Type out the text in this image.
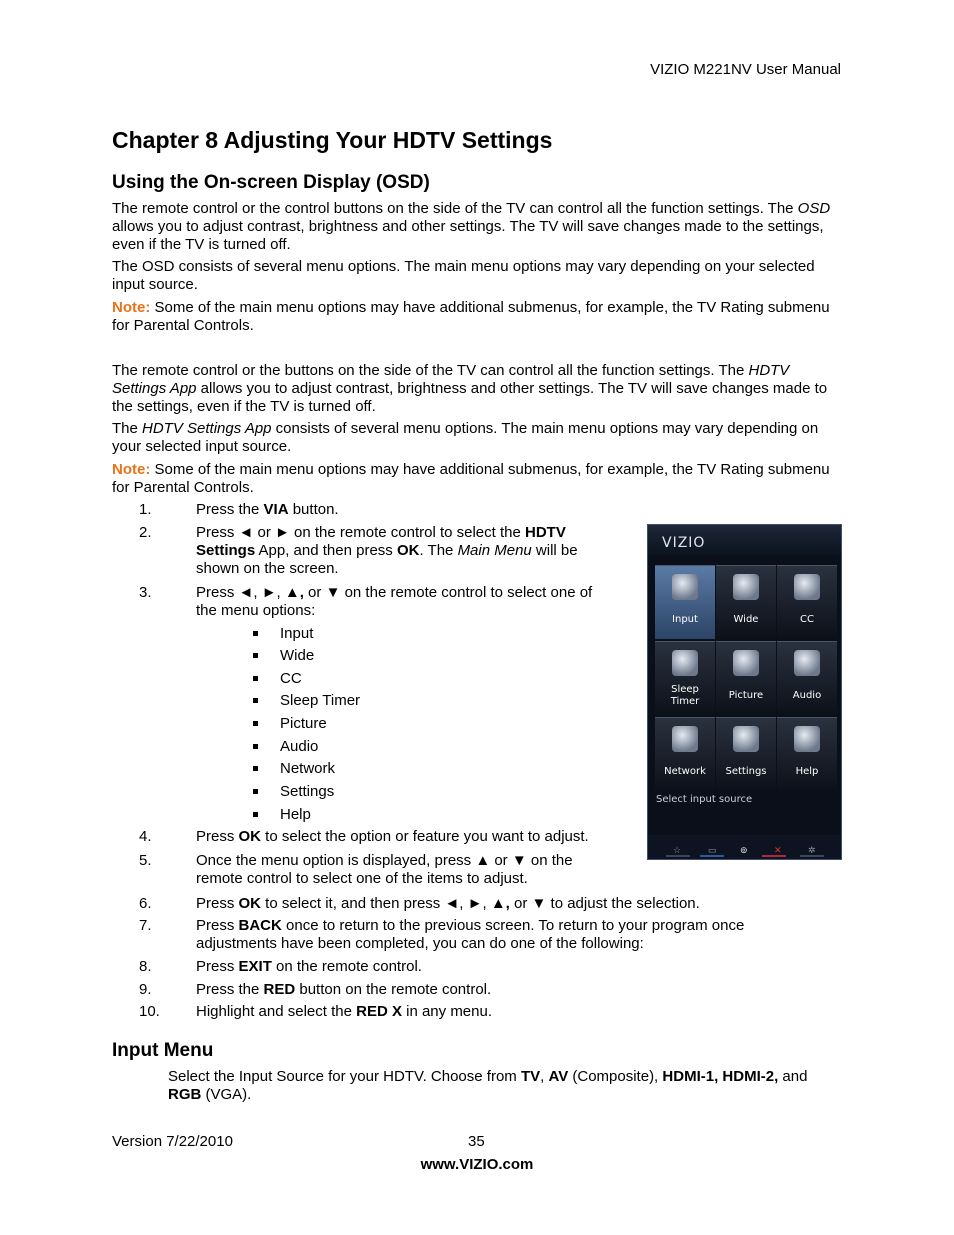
VIZIO M221NV User Manual
Chapter 8 Adjusting Your HDTV Settings
Using the On-screen Display (OSD)
The remote control or the control buttons on the side of the TV can control all the function settings. The OSD allows you to adjust contrast, brightness and other settings. The TV will save changes made to the settings, even if the TV is turned off.
The OSD consists of several menu options. The main menu options may vary depending on your selected input source.
Note: Some of the main menu options may have additional submenus, for example, the TV Rating submenu for Parental Controls.
The remote control or the buttons on the side of the TV can control all the function settings. The HDTV Settings App allows you to adjust contrast, brightness and other settings. The TV will save changes made to the settings, even if the TV is turned off.
The HDTV Settings App consists of several menu options. The main menu options may vary depending on your selected input source.
Note: Some of the main menu options may have additional submenus, for example, the TV Rating submenu for Parental Controls.
1.	Press the VIA button.
2.	Press ◄ or ► on the remote control to select the HDTV
Settings App, and then press OK. The Main Menu will be
shown on the screen.
3.	Press ◄, ►, ▲, or ▼ on the remote control to select one of
the menu options:
Input
Wide
CC
Sleep Timer
Picture
Audio
Network
Settings
Help
4.	Press OK to select the option or feature you want to adjust.
5.	Once the menu option is displayed, press ▲ or ▼ on the
remote control to select one of the items to adjust.
6.	Press OK to select it, and then press ◄, ►, ▲, or ▼ to adjust the selection.
7.	Press BACK once to return to the previous screen. To return to your program once
adjustments have been completed, you can do one of the following:
8.	Press EXIT on the remote control.
9.	Press the RED button on the remote control.
10.	Highlight and select the RED X in any menu.
VIZIO
Input	Wide	CC
Sleep
Timer
Picture	Audio
Network	Settings	Help
Select input source
☆	▭	⊚	✕	✲
Input Menu
Select the Input Source for your HDTV. Choose from TV, AV (Composite), HDMI-1, HDMI-2, and
RGB (VGA).
Version 7/22/2010	35
www.VIZIO.com
